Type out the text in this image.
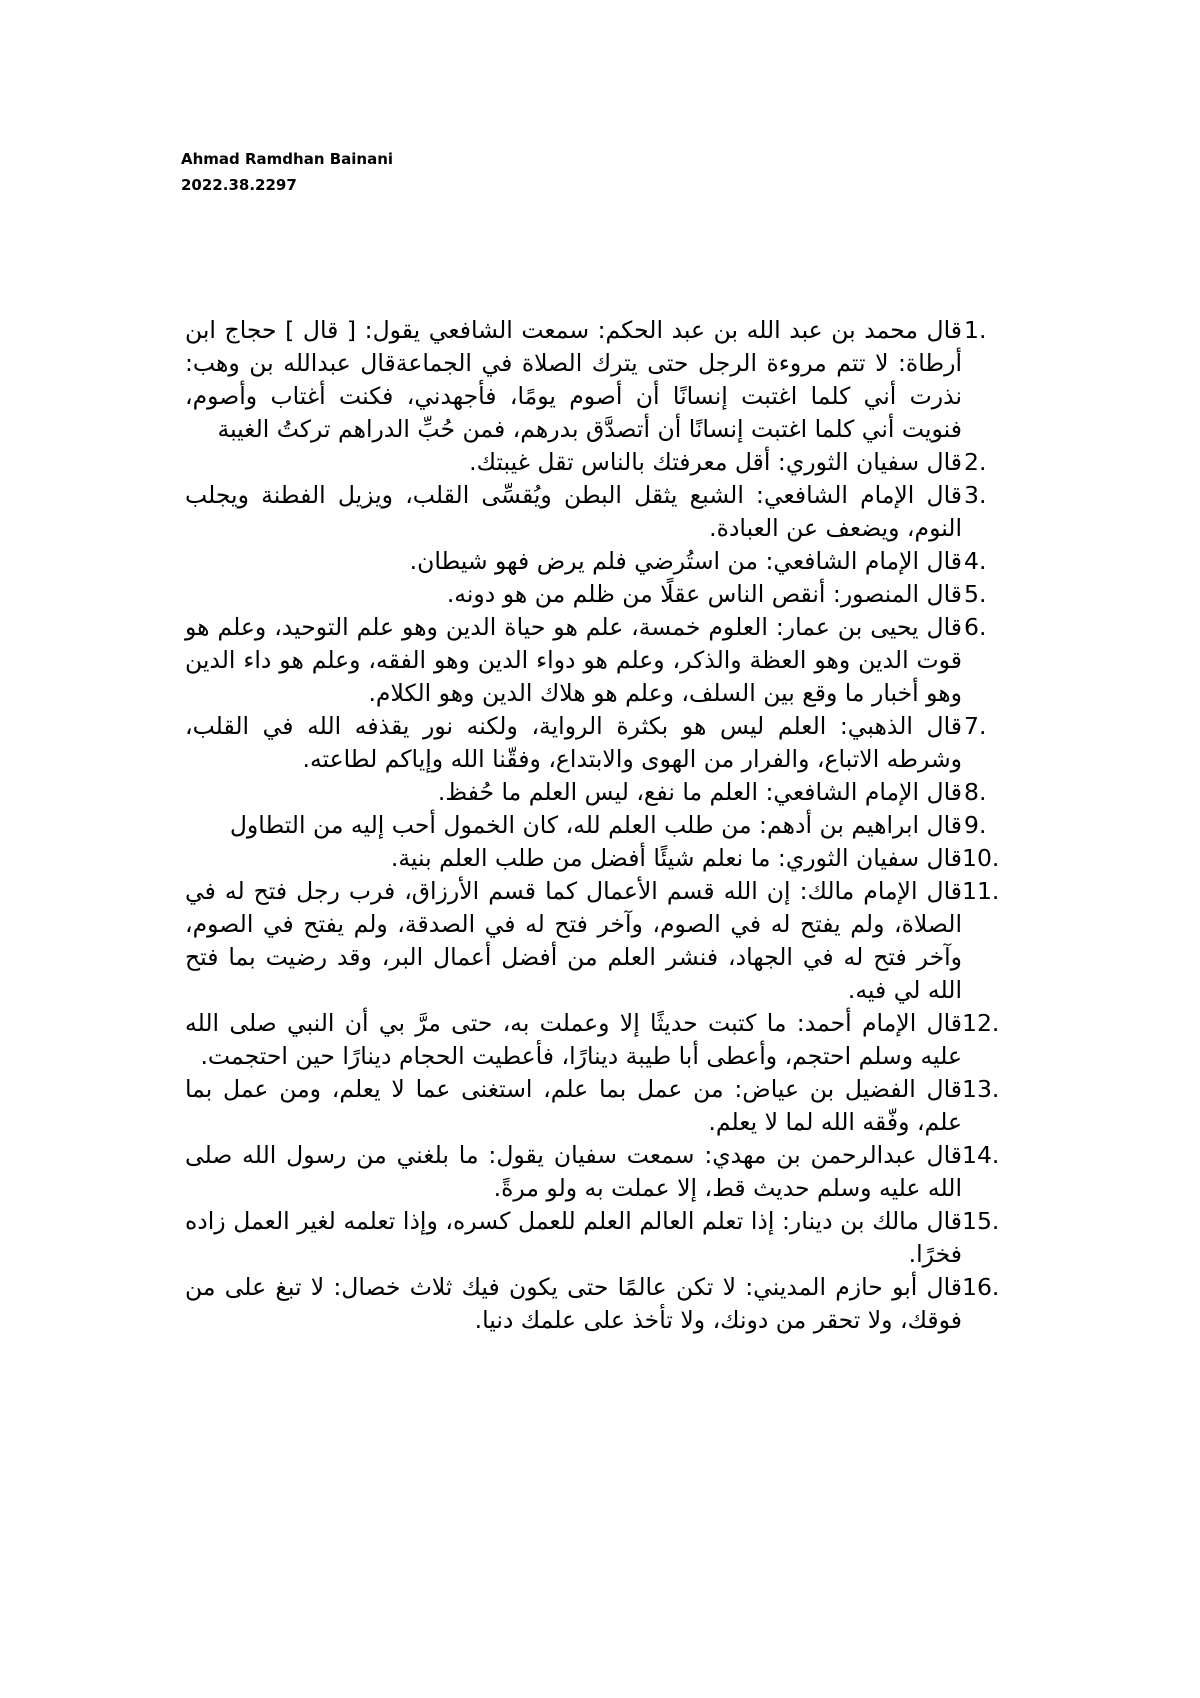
Ahmad Ramdhan Bainani
2022.38.2297
1.
قال محمد بن عبد الله بن عبد الحكم: سمعت الشافعي يقول: [ قال ] حجاج ابن أرطاة: لا تتم مروءة الرجل حتى يترك الصلاة في الجماعةقال عبدالله بن وهب: نذرت أني كلما اغتبت إنسانًا أن أصوم يومًا، فأجهدني، فكنت أغتاب وأصوم، فنويت أني كلما اغتبت إنسانًا أن أتصدَّق بدرهم، فمن حُبِّ الدراهم تركتُ الغيبة
2.
قال سفيان الثوري: أقل معرفتك بالناس تقل غيبتك.
3.
قال الإمام الشافعي: الشبع يثقل البطن ويُقسِّى القلب، ويزيل الفطنة ويجلب النوم، ويضعف عن العبادة.
4.
قال الإمام الشافعي: من استُرضي فلم يرض فهو شيطان.
5.
قال المنصور: أنقص الناس عقلًا من ظلم من هو دونه.
6.
قال يحيى بن عمار: العلوم خمسة، علم هو حياة الدين وهو علم التوحيد، وعلم هو قوت الدين وهو العظة والذكر، وعلم هو دواء الدين وهو الفقه، وعلم هو داء الدين وهو أخبار ما وقع بين السلف، وعلم هو هلاك الدين وهو الكلام.
7.
قال الذهبي: العلم ليس هو بكثرة الرواية، ولكنه نور يقذفه الله في القلب، وشرطه الاتباع، والفرار من الهوى والابتداع، وفقّنا الله وإياكم لطاعته.
8.
قال الإمام الشافعي: العلم ما نفع، ليس العلم ما حُفظ.
9.
قال ابراهيم بن أدهم: من طلب العلم لله، كان الخمول أحب إليه من التطاول
10.
قال سفيان الثوري: ما نعلم شيئًا أفضل من طلب العلم بنية.
11.
قال الإمام مالك: إن الله قسم الأعمال كما قسم الأرزاق، فرب رجل فتح له في الصلاة، ولم يفتح له في الصوم، وآخر فتح له في الصدقة، ولم يفتح في الصوم، وآخر فتح له في الجهاد، فنشر العلم من أفضل أعمال البر، وقد رضيت بما فتح الله لي فيه.
12.
قال الإمام أحمد: ما كتبت حديثًا إلا وعملت به، حتى مرَّ بي أن النبي صلى الله عليه وسلم احتجم، وأعطى أبا طيبة دينارًا، فأعطيت الحجام دينارًا حين احتجمت.
13.
قال الفضيل بن عياض: من عمل بما علم، استغنى عما لا يعلم، ومن عمل بما علم، وفّقه الله لما لا يعلم.
14.
قال عبدالرحمن بن مهدي: سمعت سفيان يقول: ما بلغني من رسول الله صلى الله عليه وسلم حديث قط، إلا عملت به ولو مرةً.
15.
قال مالك بن دينار: إذا تعلم العالم العلم للعمل كسره، وإذا تعلمه لغير العمل زاده فخرًا.
16.
قال أبو حازم المديني: لا تكن عالمًا حتى يكون فيك ثلاث خصال: لا تبغ على من فوقك، ولا تحقر من دونك، ولا تأخذ على علمك دنيا.
